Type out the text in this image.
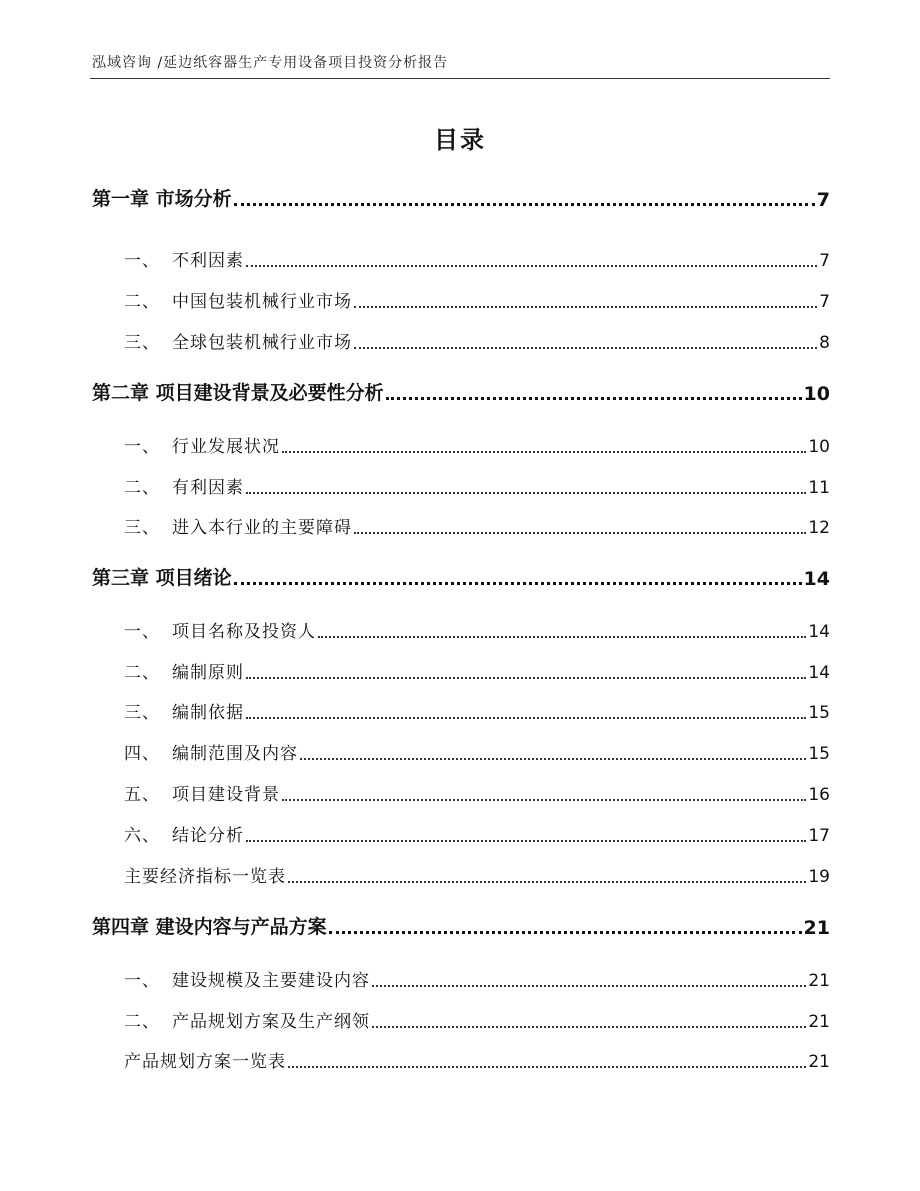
泓域咨询 /延边纸容器生产专用设备项目投资分析报告
目录
第一章 市场分析	7
一、 不利因素	7
二、 中国包装机械行业市场	7
三、 全球包装机械行业市场	8
第二章 项目建设背景及必要性分析	10
一、 行业发展状况	10
二、 有利因素	11
三、 进入本行业的主要障碍	12
第三章 项目绪论	14
一、 项目名称及投资人	14
二、 编制原则	14
三、 编制依据	15
四、 编制范围及内容	15
五、 项目建设背景	16
六、 结论分析	17
主要经济指标一览表	19
第四章 建设内容与产品方案	21
一、 建设规模及主要建设内容	21
二、 产品规划方案及生产纲领	21
产品规划方案一览表	21
